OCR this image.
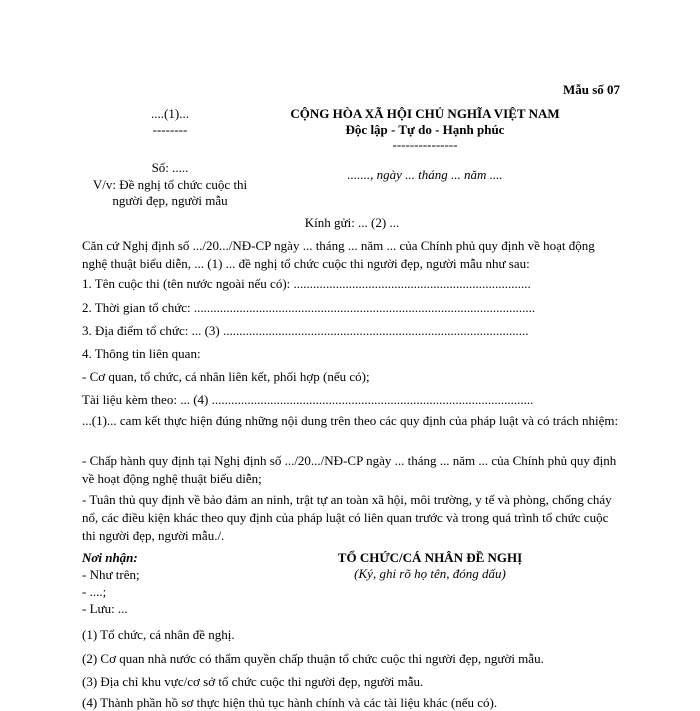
Mẫu số 07
....(1)...
--------
CỘNG HÒA XÃ HỘI CHỦ NGHĨA VIỆT NAM
Độc lập - Tự do - Hạnh phúc
---------------
Số: .....
V/v: Đề nghị tổ chức cuộc thi
người đẹp, người mẫu
......., ngày ... tháng ... năm ....
Kính gửi: ... (2) ...
Căn cứ Nghị định số .../20.../NĐ-CP ngày ... tháng ... năm ... của Chính phủ quy định về hoạt động nghệ thuật biểu diễn, ... (1) ... đề nghị tổ chức cuộc thi người đẹp, người mẫu như sau:
1. Tên cuộc thi (tên nước ngoài nếu có): .........................................................................
2. Thời gian tổ chức: .........................................................................................................
3. Địa điểm tổ chức: ... (3) ..............................................................................................
4. Thông tin liên quan:
- Cơ quan, tổ chức, cá nhân liên kết, phối hợp (nếu có);
Tài liệu kèm theo: ... (4) ...................................................................................................
...(1)... cam kết thực hiện đúng những nội dung trên theo các quy định của pháp luật và có trách nhiệm:
- Chấp hành quy định tại Nghị định số .../20.../NĐ-CP ngày ... tháng ... năm ... của Chính phủ quy định về hoạt động nghệ thuật biểu diễn;
- Tuân thủ quy định về bảo đảm an ninh, trật tự an toàn xã hội, môi trường, y tế và phòng, chống cháy nổ, các điều kiện khác theo quy định của pháp luật có liên quan trước và trong quá trình tổ chức cuộc thi người đẹp, người mẫu./.
Nơi nhận:
- Như trên;
- ....;
- Lưu: ...
TỔ CHỨC/CÁ NHÂN ĐỀ NGHỊ
(Ký, ghi rõ họ tên, đóng dấu)
(1) Tổ chức, cá nhân đề nghị.
(2) Cơ quan nhà nước có thẩm quyền chấp thuận tổ chức cuộc thi người đẹp, người mẫu.
(3) Địa chỉ khu vực/cơ sở tổ chức cuộc thi người đẹp, người mẫu.
(4) Thành phần hồ sơ thực hiện thủ tục hành chính và các tài liệu khác (nếu có).
